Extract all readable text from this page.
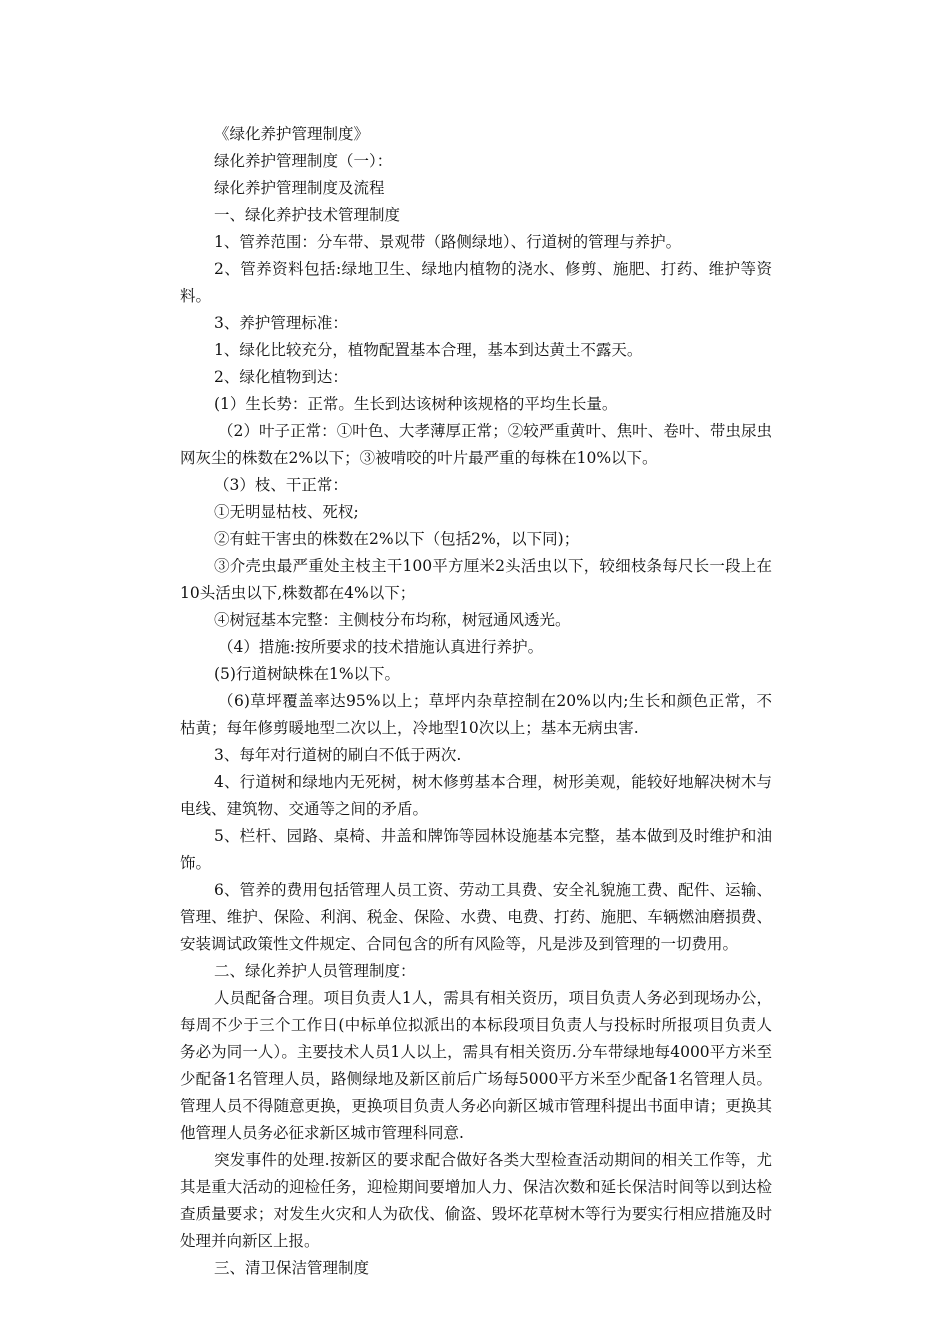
《绿化养护管理制度》

绿化养护管理制度（一）：

绿化养护管理制度及流程

一、绿化养护技术管理制度

1、管养范围：分车带、景观带（路侧绿地）、行道树的管理与养护。

2、管养资料包括:绿地卫生、绿地内植物的浇水、修剪、施肥、打药、维护等资料。

3、养护管理标准：

1、绿化比较充分，植物配置基本合理，基本到达黄土不露天。

2、绿化植物到达：

(1）生长势：正常。生长到达该树种该规格的平均生长量。

（2）叶子正常：①叶色、大孝薄厚正常；②较严重黄叶、焦叶、卷叶、带虫尿虫网灰尘的株数在2%以下；③被啃咬的叶片最严重的每株在10%以下。

（3）枝、干正常：

①无明显枯枝、死杈;

②有蛀干害虫的株数在2%以下（包括2%，以下同)；

③介壳虫最严重处主枝主干100平方厘米2头活虫以下，较细枝条每尺长一段上在10头活虫以下,株数都在4%以下；

④树冠基本完整：主侧枝分布均称，树冠通风透光。

（4）措施:按所要求的技术措施认真进行养护。

(5)行道树缺株在1%以下。

（6)草坪覆盖率达95%以上；草坪内杂草控制在20%以内;生长和颜色正常，不枯黄；每年修剪暖地型二次以上，冷地型10次以上；基本无病虫害.

3、每年对行道树的刷白不低于两次.

4、行道树和绿地内无死树，树木修剪基本合理，树形美观，能较好地解决树木与电线、建筑物、交通等之间的矛盾。

5、栏杆、园路、桌椅、井盖和牌饰等园林设施基本完整，基本做到及时维护和油饰。

6、管养的费用包括管理人员工资、劳动工具费、安全礼貌施工费、配件、运输、管理、维护、保险、利润、税金、保险、水费、电费、打药、施肥、车辆燃油磨损费、安装调试政策性文件规定、合同包含的所有风险等，凡是涉及到管理的一切费用。

二、绿化养护人员管理制度：

人员配备合理。项目负责人1人，需具有相关资历，项目负责人务必到现场办公，每周不少于三个工作日(中标单位拟派出的本标段项目负责人与投标时所报项目负责人务必为同一人）。主要技术人员1人以上，需具有相关资历.分车带绿地每4000平方米至少配备1名管理人员，路侧绿地及新区前后广场每5000平方米至少配备1名管理人员。管理人员不得随意更换，更换项目负责人务必向新区城市管理科提出书面申请；更换其他管理人员务必征求新区城市管理科同意.

突发事件的处理.按新区的要求配合做好各类大型检查活动期间的相关工作等，尤其是重大活动的迎检任务，迎检期间要增加人力、保洁次数和延长保洁时间等以到达检查质量要求；对发生火灾和人为砍伐、偷盗、毁坏花草树木等行为要实行相应措施及时处理并向新区上报。

三、清卫保洁管理制度
